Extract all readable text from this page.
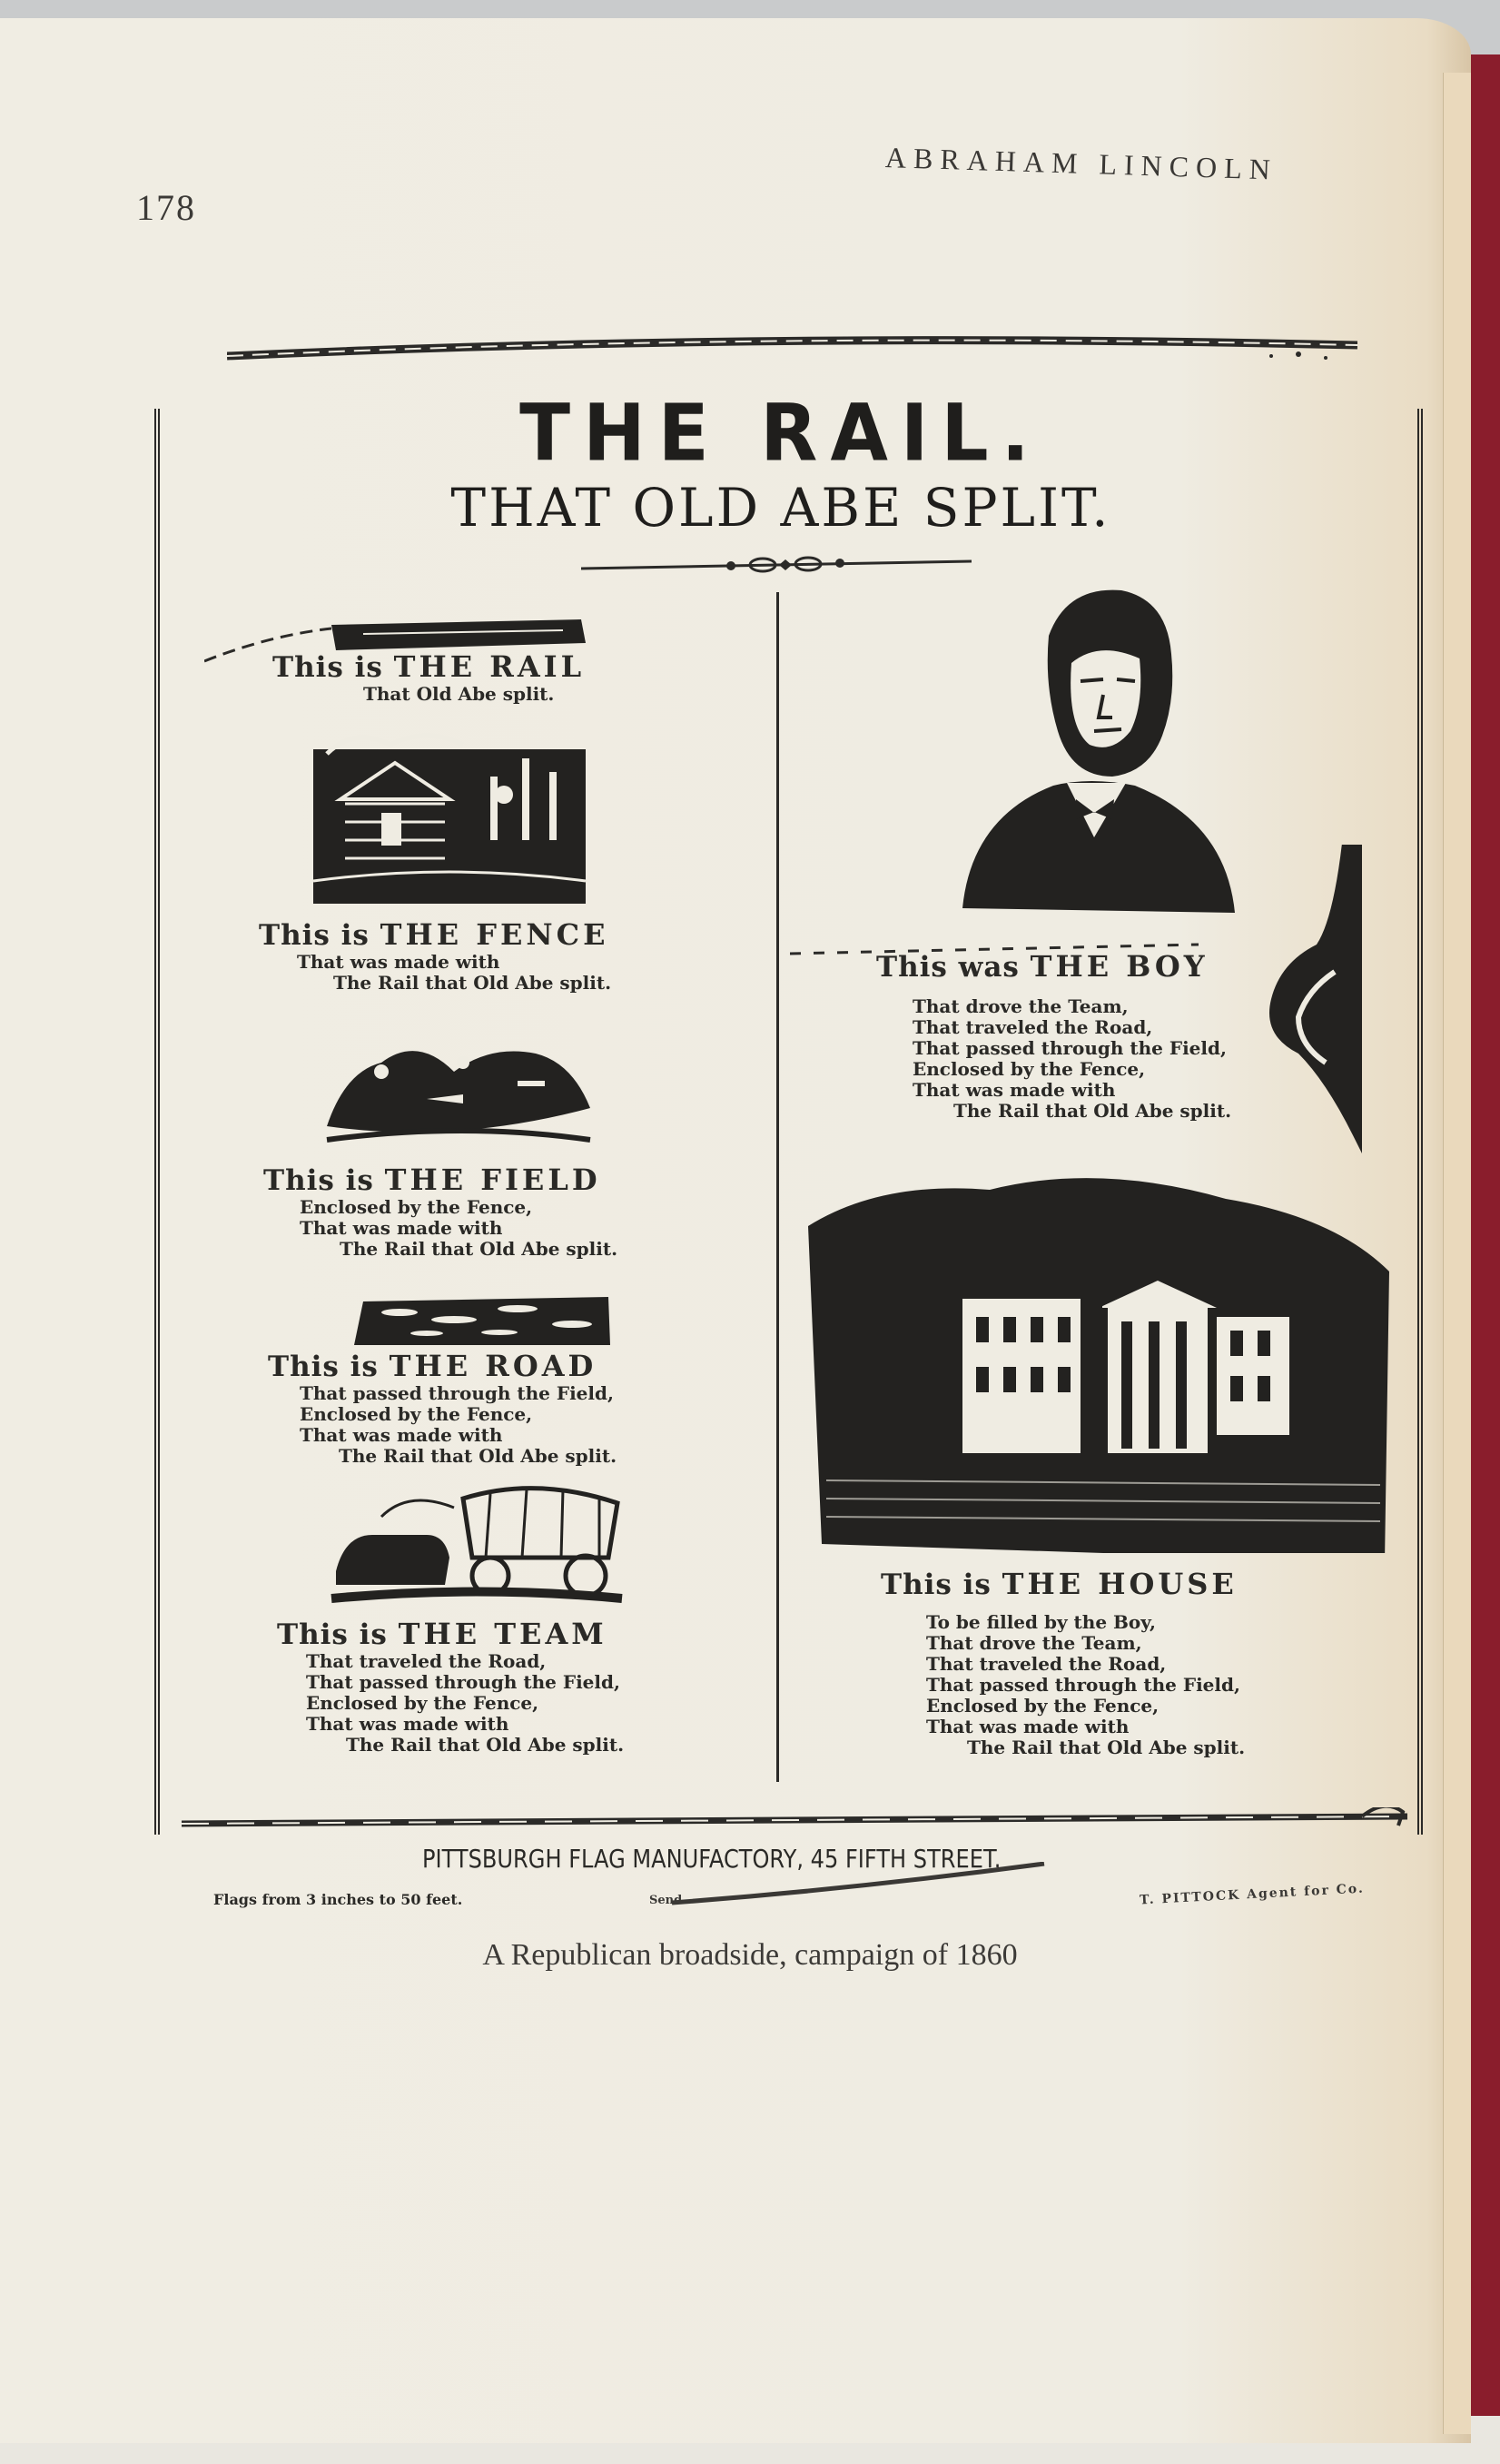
178
ABRAHAM LINCOLN
THE RAIL.
THAT OLD ABE SPLIT.
This is THE RAIL
That Old Abe split.
This is THE FENCE
That was made with
The Rail that Old Abe split.
This is THE FIELD
Enclosed by the Fence,
That was made with
The Rail that Old Abe split.
This is THE ROAD
That passed through the Field,
Enclosed by the Fence,
That was made with
The Rail that Old Abe split.
This is THE TEAM
That traveled the Road,
That passed through the Field,
Enclosed by the Fence,
That was made with
The Rail that Old Abe split.
This was THE BOY
That drove the Team,
That traveled the Road,
That passed through the Field,
Enclosed by the Fence,
That was made with
The Rail that Old Abe split.
This is THE HOUSE
To be filled by the Boy,
That drove the Team,
That traveled the Road,
That passed through the Field,
Enclosed by the Fence,
That was made with
The Rail that Old Abe split.
PITTSBURGH FLAG MANUFACTORY, 45 FIFTH STREET.
Flags from 3 inches to 50 feet.	Send	T. PITTOCK Agent for Co.
A Republican broadside, campaign of 1860
